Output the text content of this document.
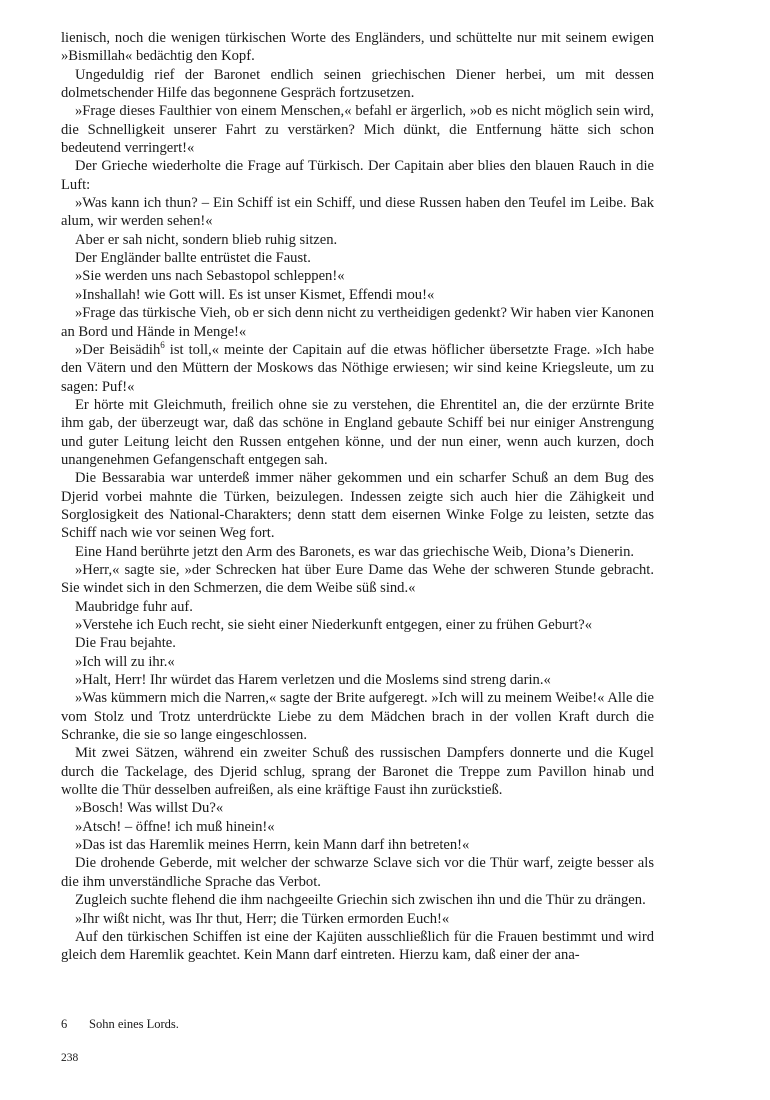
lienisch, noch die wenigen türkischen Worte des Engländers, und schüttelte nur mit seinem ewigen »Bismillah« bedächtig den Kopf.

Ungeduldig rief der Baronet endlich seinen griechischen Diener herbei, um mit dessen dolmetschender Hilfe das begonnene Gespräch fortzusetzen.

»Frage dieses Faulthier von einem Menschen,« befahl er ärgerlich, »ob es nicht möglich sein wird, die Schnelligkeit unserer Fahrt zu verstärken? Mich dünkt, die Entfernung hätte sich schon bedeutend verringert!«

Der Grieche wiederholte die Frage auf Türkisch. Der Capitain aber blies den blauen Rauch in die Luft:

»Was kann ich thun? – Ein Schiff ist ein Schiff, und diese Russen haben den Teufel im Leibe. Bak alum, wir werden sehen!«

Aber er sah nicht, sondern blieb ruhig sitzen.

Der Engländer ballte entrüstet die Faust.

»Sie werden uns nach Sebastopol schleppen!«

»Inshallah! wie Gott will. Es ist unser Kismet, Effendi mou!«

»Frage das türkische Vieh, ob er sich denn nicht zu vertheidigen gedenkt? Wir haben vier Kanonen an Bord und Hände in Menge!«

»Der Beisädih$^6$ ist toll,« meinte der Capitain auf die etwas höflicher übersetzte Frage. »Ich habe den Vätern und den Müttern der Moskows das Nöthige erwiesen; wir sind keine Kriegsleute, um zu sagen: Puf!«

Er hörte mit Gleichmuth, freilich ohne sie zu verstehen, die Ehrentitel an, die der erzürnte Brite ihm gab, der überzeugt war, daß das schöne in England gebaute Schiff bei nur einiger Anstrengung und guter Leitung leicht den Russen entgehen könne, und der nun einer, wenn auch kurzen, doch unangenehmen Gefangenschaft entgegen sah.

Die Bessarabia war unterdeß immer näher gekommen und ein scharfer Schuß an dem Bug des Djerid vorbei mahnte die Türken, beizulegen. Indessen zeigte sich auch hier die Zähigkeit und Sorglosigkeit des National-Charakters; denn statt dem eisernen Winke Folge zu leisten, setzte das Schiff nach wie vor seinen Weg fort.

Eine Hand berührte jetzt den Arm des Baronets, es war das griechische Weib, Diona’s Dienerin.

»Herr,« sagte sie, »der Schrecken hat über Eure Dame das Wehe der schweren Stunde gebracht. Sie windet sich in den Schmerzen, die dem Weibe süß sind.«

Maubridge fuhr auf.

»Verstehe ich Euch recht, sie sieht einer Niederkunft entgegen, einer zu frühen Geburt?«

Die Frau bejahte.

»Ich will zu ihr.«

»Halt, Herr! Ihr würdet das Harem verletzen und die Moslems sind streng darin.«

»Was kümmern mich die Narren,« sagte der Brite aufgeregt. »Ich will zu meinem Weibe!« Alle die vom Stolz und Trotz unterdrückte Liebe zu dem Mädchen brach in der vollen Kraft durch die Schranke, die sie so lange eingeschlossen.

Mit zwei Sätzen, während ein zweiter Schuß des russischen Dampfers donnerte und die Kugel durch die Tackelage, des Djerid schlug, sprang der Baronet die Treppe zum Pavillon hinab und wollte die Thür desselben aufreißen, als eine kräftige Faust ihn zurückstieß.

»Bosch! Was willst Du?«

»Atsch! – öffne! ich muß hinein!«

»Das ist das Haremlik meines Herrn, kein Mann darf ihn betreten!«

Die drohende Geberde, mit welcher der schwarze Sclave sich vor die Thür warf, zeigte besser als die ihm unverständliche Sprache das Verbot.

Zugleich suchte flehend die ihm nachgeeilte Griechin sich zwischen ihn und die Thür zu drängen.

»Ihr wißt nicht, was Ihr thut, Herr; die Türken ermorden Euch!«

Auf den türkischen Schiffen ist eine der Kajüten ausschließlich für die Frauen bestimmt und wird gleich dem Haremlik geachtet. Kein Mann darf eintreten. Hierzu kam, daß einer der ana-

6 Sohn eines Lords.
238
